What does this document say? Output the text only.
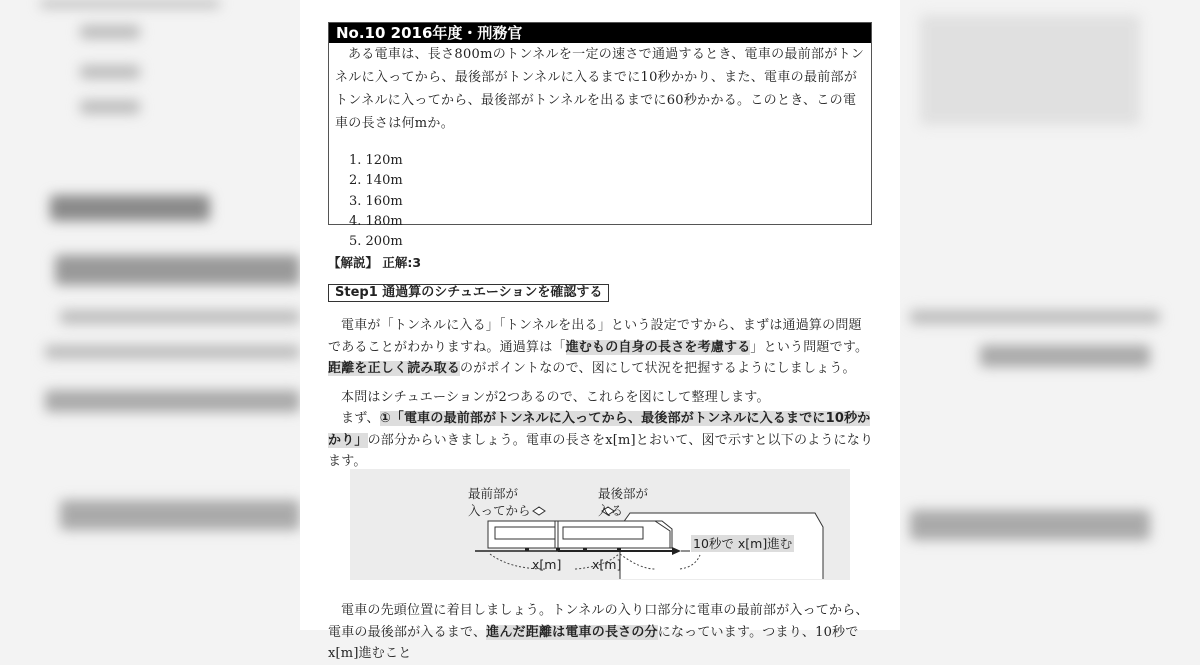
No.10 2016年度・刑務官

ある電車は、長さ800mのトンネルを一定の速さで通過するとき、電車の最前部がトンネルに入ってから、最後部がトンネルに入るまでに10秒かかり、また、電車の最前部がトンネルに入ってから、最後部がトンネルを出るまでに60秒かかる。このとき、この電車の長さは何mか。

1. 120m
2. 140m
3. 160m
4. 180m
5. 200m
【解説】 正解:3
Step1 通過算のシチュエーションを確認する

電車が「トンネルに入る」「トンネルを出る」という設定ですから、まずは通過算の問題であることがわかりますね。通過算は「進むもの自身の長さを考慮する」という問題です。距離を正しく読み取るのがポイントなので、図にして状況を把握するようにしましょう。

本問はシチュエーションが2つあるので、これらを図にして整理します。

まず、①「電車の最前部がトンネルに入ってから、最後部がトンネルに入るまでに10秒かかり」の部分からいきましょう。電車の長さをx[m]とおいて、図で示すと以下のようになります。

最前部が
入ってから
最後部が
入る
10秒で x[m]進む
x[m] x[m]

電車の先頭位置に着目しましょう。トンネルの入り口部分に電車の最前部が入ってから、電車の最後部が入るまで、進んだ距離は電車の長さの分になっています。つまり、10秒でx[m]進むこと
